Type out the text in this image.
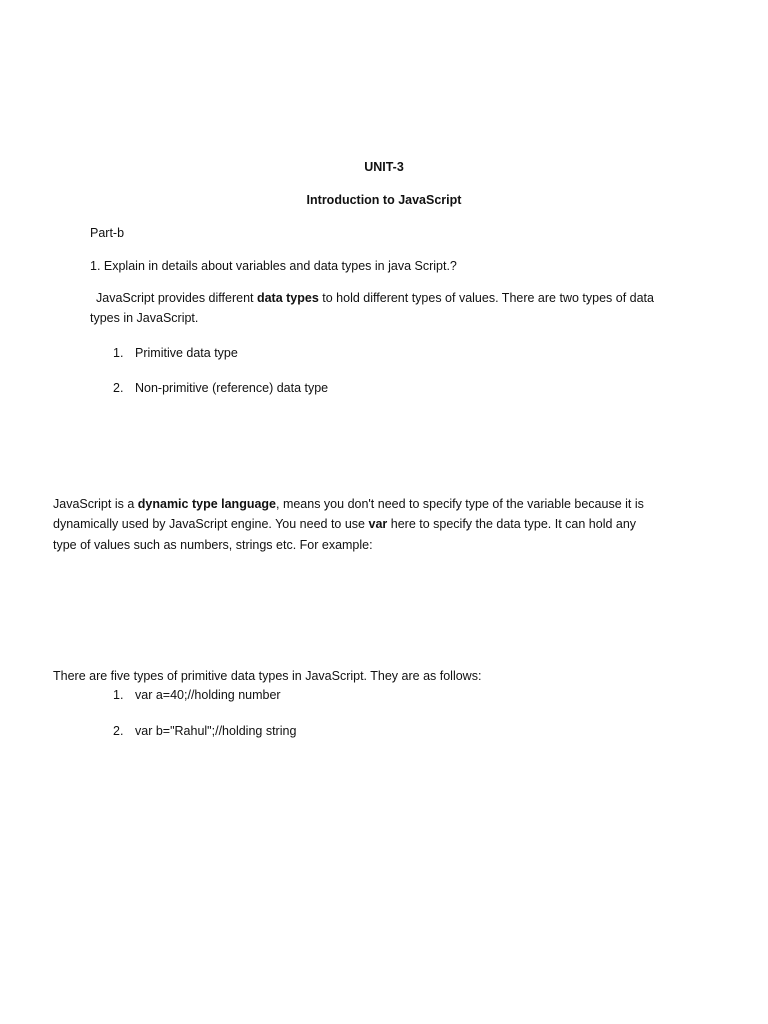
UNIT-3
Introduction to JavaScript
Part-b
1. Explain in details about variables and data types in java Script.?
JavaScript provides different data types to hold different types of values. There are two types of data
types in JavaScript.
1. Primitive data type
2. Non-primitive (reference) data type
JavaScript is a dynamic type language, means you don't need to specify type of the variable because it is
dynamically used by JavaScript engine. You need to use var here to specify the data type. It can hold any
type of values such as numbers, strings etc. For example:
There are five types of primitive data types in JavaScript. They are as follows:
1. var a=40;//holding number
2. var b="Rahul";//holding string
